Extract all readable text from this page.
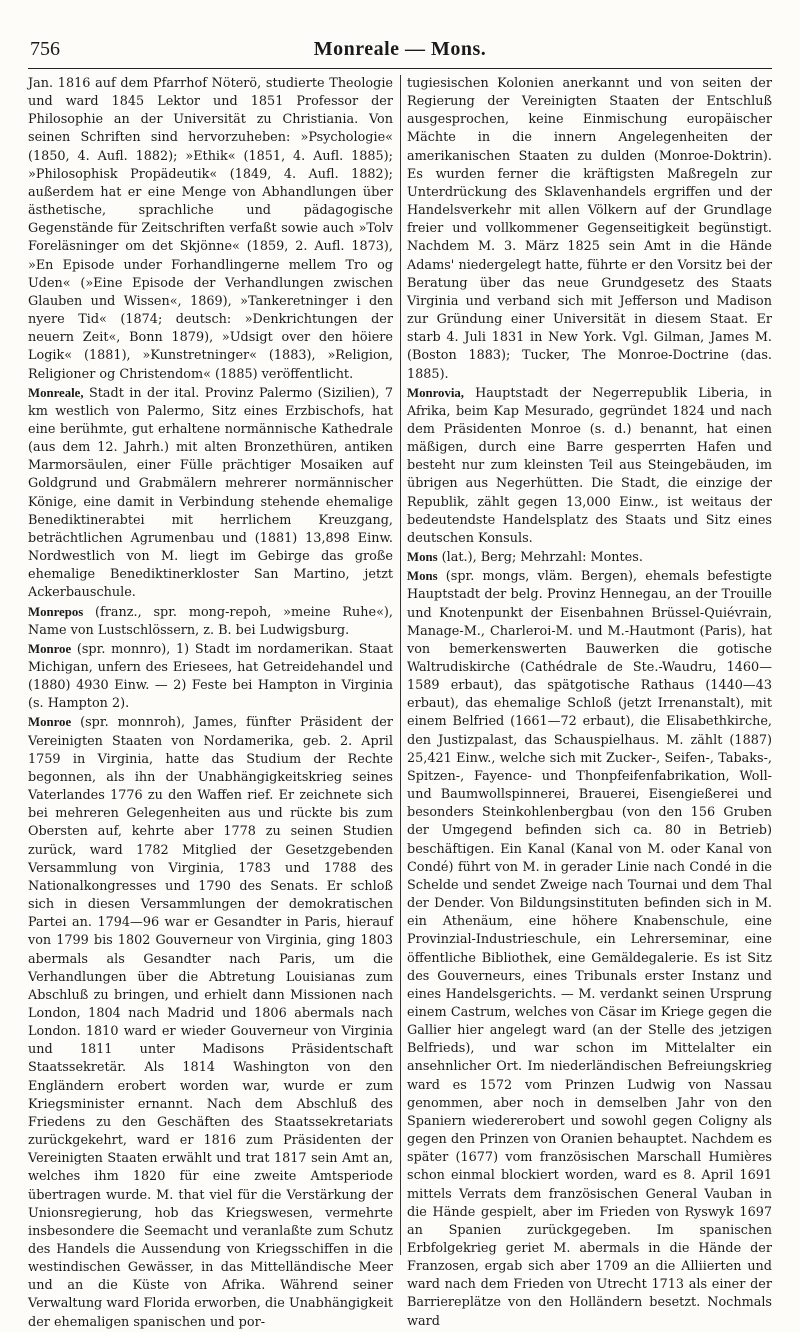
756	Monreale — Mons.

Jan. 1816 auf dem Pfarrhof Nöterö, studierte Theologie und ward 1845 Lektor und 1851 Professor der Philosophie an der Universität zu Christiania. Von seinen Schriften sind hervorzuheben: »Psychologie« (1850, 4. Aufl. 1882); »Ethik« (1851, 4. Aufl. 1885); »Philosophisk Propädeutik« (1849, 4. Aufl. 1882); außerdem hat er eine Menge von Abhandlungen über ästhetische, sprachliche und pädagogische Gegenstände für Zeitschriften verfaßt sowie auch »Tolv Foreläsninger om det Skjönne« (1859, 2. Aufl. 1873), »En Episode under Forhandlingerne mellem Tro og Uden« (»Eine Episode der Verhandlungen zwischen Glauben und Wissen«, 1869), »Tankeretninger i den nyere Tid« (1874; deutsch: »Denkrichtungen der neuern Zeit«, Bonn 1879), »Udsigt over den höiere Logik« (1881), »Kunstretninger« (1883), »Religion, Religioner og Christendom« (1885) veröffentlicht.

Monreale, Stadt in der ital. Provinz Palermo (Sizilien), 7 km westlich von Palermo, Sitz eines Erzbischofs, hat eine berühmte, gut erhaltene normännische Kathedrale (aus dem 12. Jahrh.) mit alten Bronzethüren, antiken Marmorsäulen, einer Fülle prächtiger Mosaiken auf Goldgrund und Grabmälern mehrerer normännischer Könige, eine damit in Verbindung stehende ehemalige Benediktinerabtei mit herrlichem Kreuzgang, beträchtlichen Agrumenbau und (1881) 13,898 Einw. Nordwestlich von M. liegt im Gebirge das große ehemalige Benediktinerkloster San Martino, jetzt Ackerbauschule.

Monrepos (franz., spr. mong-repoh, »meine Ruhe«), Name von Lustschlössern, z. B. bei Ludwigsburg.

Monroe (spr. monnro), 1) Stadt im nordamerikan. Staat Michigan, unfern des Eriesees, hat Getreidehandel und (1880) 4930 Einw. — 2) Feste bei Hampton in Virginia (s. Hampton 2).

Monroe (spr. monnroh), James, fünfter Präsident der Vereinigten Staaten von Nordamerika, geb. 2. April 1759 in Virginia, hatte das Studium der Rechte begonnen, als ihn der Unabhängigkeitskrieg seines Vaterlandes 1776 zu den Waffen rief. Er zeichnete sich bei mehreren Gelegenheiten aus und rückte bis zum Obersten auf, kehrte aber 1778 zu seinen Studien zurück, ward 1782 Mitglied der Gesetzgebenden Versammlung von Virginia, 1783 und 1788 des Nationalkongresses und 1790 des Senats. Er schloß sich in diesen Versammlungen der demokratischen Partei an. 1794—96 war er Gesandter in Paris, hierauf von 1799 bis 1802 Gouverneur von Virginia, ging 1803 abermals als Gesandter nach Paris, um die Verhandlungen über die Abtretung Louisianas zum Abschluß zu bringen, und erhielt dann Missionen nach London, 1804 nach Madrid und 1806 abermals nach London. 1810 ward er wieder Gouverneur von Virginia und 1811 unter Madisons Präsidentschaft Staatssekretär. Als 1814 Washington von den Engländern erobert worden war, wurde er zum Kriegsminister ernannt. Nach dem Abschluß des Friedens zu den Geschäften des Staatssekretariats zurückgekehrt, ward er 1816 zum Präsidenten der Vereinigten Staaten erwählt und trat 1817 sein Amt an, welches ihm 1820 für eine zweite Amtsperiode übertragen wurde. M. that viel für die Verstärkung der Unionsregierung, hob das Kriegswesen, vermehrte insbesondere die Seemacht und veranlaßte zum Schutz des Handels die Aussendung von Kriegsschiffen in die westindischen Gewässer, in das Mittelländische Meer und an die Küste von Afrika. Während seiner Verwaltung ward Florida erworben, die Unabhängigkeit der ehemaligen spanischen und por-

tugiesischen Kolonien anerkannt und von seiten der Regierung der Vereinigten Staaten der Entschluß ausgesprochen, keine Einmischung europäischer Mächte in die innern Angelegenheiten der amerikanischen Staaten zu dulden (Monroe-Doktrin). Es wurden ferner die kräftigsten Maßregeln zur Unterdrückung des Sklavenhandels ergriffen und der Handelsverkehr mit allen Völkern auf der Grundlage freier und vollkommener Gegenseitigkeit begünstigt. Nachdem M. 3. März 1825 sein Amt in die Hände Adams' niedergelegt hatte, führte er den Vorsitz bei der Beratung über das neue Grundgesetz des Staats Virginia und verband sich mit Jefferson und Madison zur Gründung einer Universität in diesem Staat. Er starb 4. Juli 1831 in New York. Vgl. Gilman, James M. (Boston 1883); Tucker, The Monroe-Doctrine (das. 1885).

Monrovia, Hauptstadt der Negerrepublik Liberia, in Afrika, beim Kap Mesurado, gegründet 1824 und nach dem Präsidenten Monroe (s. d.) benannt, hat einen mäßigen, durch eine Barre gesperrten Hafen und besteht nur zum kleinsten Teil aus Steingebäuden, im übrigen aus Negerhütten. Die Stadt, die einzige der Republik, zählt gegen 13,000 Einw., ist weitaus der bedeutendste Handelsplatz des Staats und Sitz eines deutschen Konsuls.

Mons (lat.), Berg; Mehrzahl: Montes.

Mons (spr. mongs, vläm. Bergen), ehemals befestigte Hauptstadt der belg. Provinz Hennegau, an der Trouille und Knotenpunkt der Eisenbahnen Brüssel-Quiévrain, Manage-M., Charleroi-M. und M.-Hautmont (Paris), hat von bemerkenswerten Bauwerken die gotische Waltrudiskirche (Cathédrale de Ste.-Waudru, 1460—1589 erbaut), das spätgotische Rathaus (1440—43 erbaut), das ehemalige Schloß (jetzt Irrenanstalt), mit einem Belfried (1661—72 erbaut), die Elisabethkirche, den Justizpalast, das Schauspielhaus. M. zählt (1887) 25,421 Einw., welche sich mit Zucker-, Seifen-, Tabaks-, Spitzen-, Fayence- und Thonpfeifenfabrikation, Woll- und Baumwollspinnerei, Brauerei, Eisengießerei und besonders Steinkohlenbergbau (von den 156 Gruben der Umgegend befinden sich ca. 80 in Betrieb) beschäftigen. Ein Kanal (Kanal von M. oder Kanal von Condé) führt von M. in gerader Linie nach Condé in die Schelde und sendet Zweige nach Tournai und dem Thal der Dender. Von Bildungsinstituten befinden sich in M. ein Athenäum, eine höhere Knabenschule, eine Provinzial-Industrieschule, ein Lehrerseminar, eine öffentliche Bibliothek, eine Gemäldegalerie. Es ist Sitz des Gouverneurs, eines Tribunals erster Instanz und eines Handelsgerichts. — M. verdankt seinen Ursprung einem Castrum, welches von Cäsar im Kriege gegen die Gallier hier angelegt ward (an der Stelle des jetzigen Belfrieds), und war schon im Mittelalter ein ansehnlicher Ort. Im niederländischen Befreiungskrieg ward es 1572 vom Prinzen Ludwig von Nassau genommen, aber noch in demselben Jahr von den Spaniern wiedererobert und sowohl gegen Coligny als gegen den Prinzen von Oranien behauptet. Nachdem es später (1677) vom französischen Marschall Humières schon einmal blockiert worden, ward es 8. April 1691 mittels Verrats dem französischen General Vauban in die Hände gespielt, aber im Frieden von Ryswyk 1697 an Spanien zurückgegeben. Im spanischen Erbfolgekrieg geriet M. abermals in die Hände der Franzosen, ergab sich aber 1709 an die Alliierten und ward nach dem Frieden von Utrecht 1713 als einer der Barriereplätze von den Holländern besetzt. Nochmals ward
